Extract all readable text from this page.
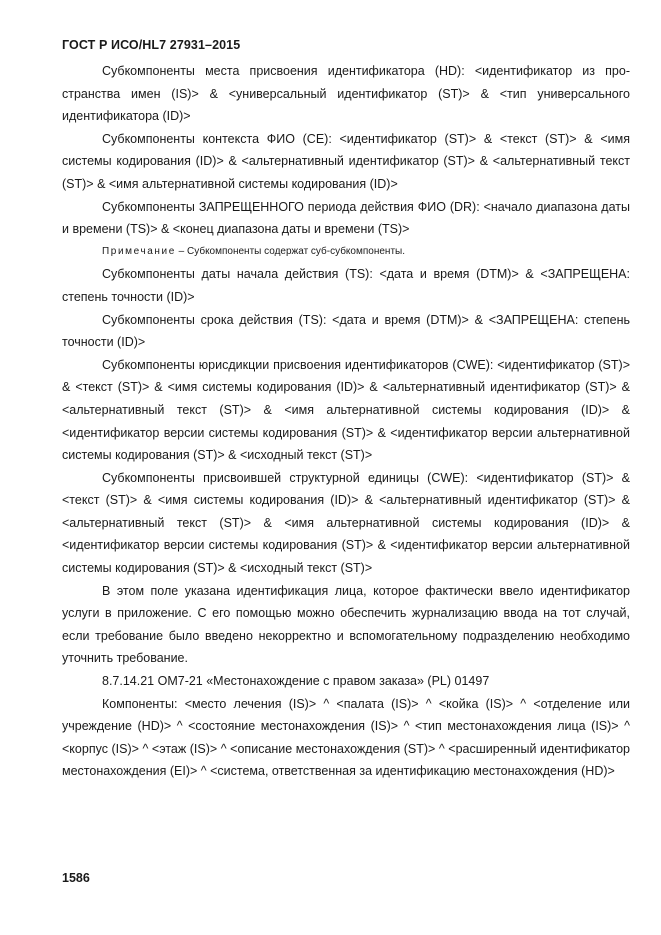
ГОСТ Р ИСО/HL7 27931–2015

Субкомпоненты места присвоения идентификатора (HD): <идентификатор из пространства имен (IS)> & <универсальный идентификатор (ST)> & <тип универсального идентификатора (ID)>

Субкомпоненты контекста ФИО (CE): <идентификатор (ST)> & <текст (ST)> & <имя системы кодирования (ID)> & <альтернативный идентификатор (ST)> & <альтернативный текст (ST)> & <имя альтернативной системы кодирования (ID)>

Субкомпоненты ЗАПРЕЩЕННОГО периода действия ФИО (DR): <начало диапазона даты и времени (TS)> & <конец диапазона даты и времени (TS)>

Примечание – Субкомпоненты содержат суб-субкомпоненты.

Субкомпоненты даты начала действия (TS): <дата и время (DTM)> & <ЗАПРЕЩЕНА: степень точности (ID)>

Субкомпоненты срока действия (TS): <дата и время (DTM)> & <ЗАПРЕЩЕНА: степень точности (ID)>

Субкомпоненты юрисдикции присвоения идентификаторов (CWE): <идентификатор (ST)> & <текст (ST)> & <имя системы кодирования (ID)> & <альтернативный идентификатор (ST)> & <альтернативный текст (ST)> & <имя альтернативной системы кодирования (ID)> & <идентификатор версии системы кодирования (ST)> & <идентификатор версии альтернативной системы кодирования (ST)> & <исходный текст (ST)>

Субкомпоненты присвоившей структурной единицы (CWE): <идентификатор (ST)> & <текст (ST)> & <имя системы кодирования (ID)> & <альтернативный идентификатор (ST)> & <альтернативный текст (ST)> & <имя альтернативной системы кодирования (ID)> & <идентификатор версии системы кодирования (ST)> & <идентификатор версии альтернативной системы кодирования (ST)> & <исходный текст (ST)>

В этом поле указана идентификация лица, которое фактически ввело идентификатор услуги в приложение. С его помощью можно обеспечить журнализацию ввода на тот случай, если требование было введено некорректно и вспомогательному подразделению необходимо уточнить требование.

8.7.14.21 OM7-21 «Местонахождение с правом заказа» (PL) 01497

Компоненты: <место лечения (IS)> ^ <палата (IS)> ^ <койка (IS)> ^ <отделение или учреждение (HD)> ^ <состояние местонахождения (IS)> ^ <тип местонахождения лица (IS)> ^ <корпус (IS)> ^ <этаж (IS)> ^ <описание местонахождения (ST)> ^ <расширенный идентификатор местонахождения (EI)> ^ <система, ответственная за идентификацию местонахождения (HD)>

1586
